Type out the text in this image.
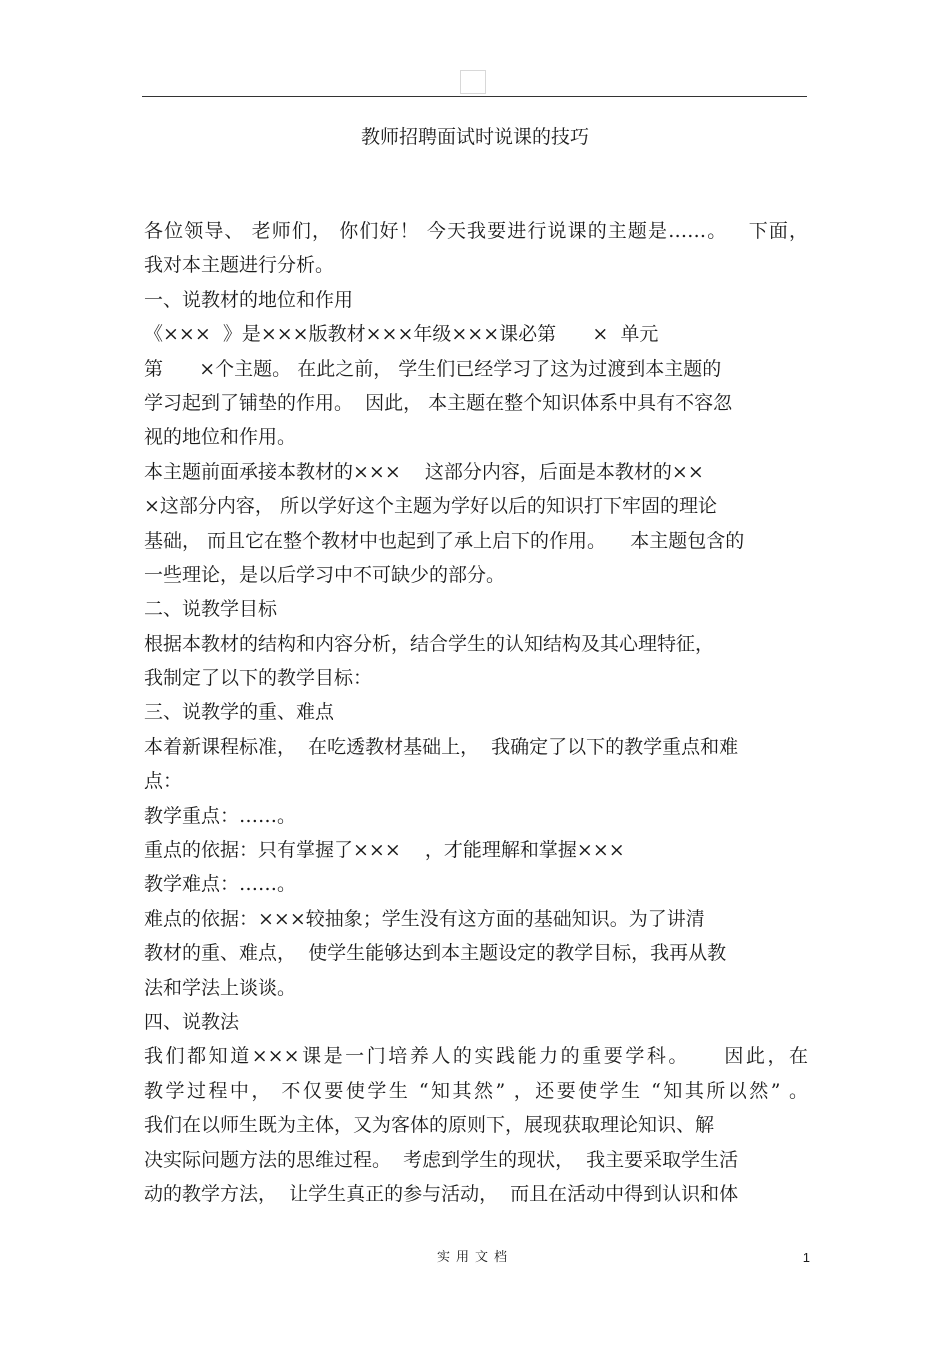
教师招聘面试时说课的技巧
各位领导、 老师们， 你们好！ 今天我要进行说课的主题是……。   下面，
我对本主题进行分析。
一、说教材的地位和作用
《×××  》是×××版教材×××年级×××课必第      ×  单元
第      ×个主题。 在此之前， 学生们已经学习了这为过渡到本主题的
学习起到了铺垫的作用。  因此， 本主题在整个知识体系中具有不容忽
视的地位和作用。
本主题前面承接本教材的×××    这部分内容，后面是本教材的××
×这部分内容， 所以学好这个主题为学好以后的知识打下牢固的理论
基础， 而且它在整个教材中也起到了承上启下的作用。    本主题包含的
一些理论，是以后学习中不可缺少的部分。
二、说教学目标
根据本教材的结构和内容分析，结合学生的认知结构及其心理特征，
我制定了以下的教学目标：
三、说教学的重、难点
本着新课程标准，  在吃透教材基础上，  我确定了以下的教学重点和难
点：
教学重点：……。
重点的依据：只有掌握了×××    ，才能理解和掌握×××
教学难点：……。
难点的依据：×××较抽象；学生没有这方面的基础知识。为了讲清
教材的重、难点，  使学生能够达到本主题设定的教学目标，我再从教
法和学法上谈谈。
四、说教法
我们都知道×××课是一门培养人的实践能力的重要学科。    因此，在
教学过程中， 不仅要使学生 “知其然” ，还要使学生 “知其所以然” 。
我们在以师生既为主体，又为客体的原则下，展现获取理论知识、解
决实际问题方法的思维过程。  考虑到学生的现状，  我主要采取学生活
动的教学方法，  让学生真正的参与活动，  而且在活动中得到认识和体
实用文档	1
